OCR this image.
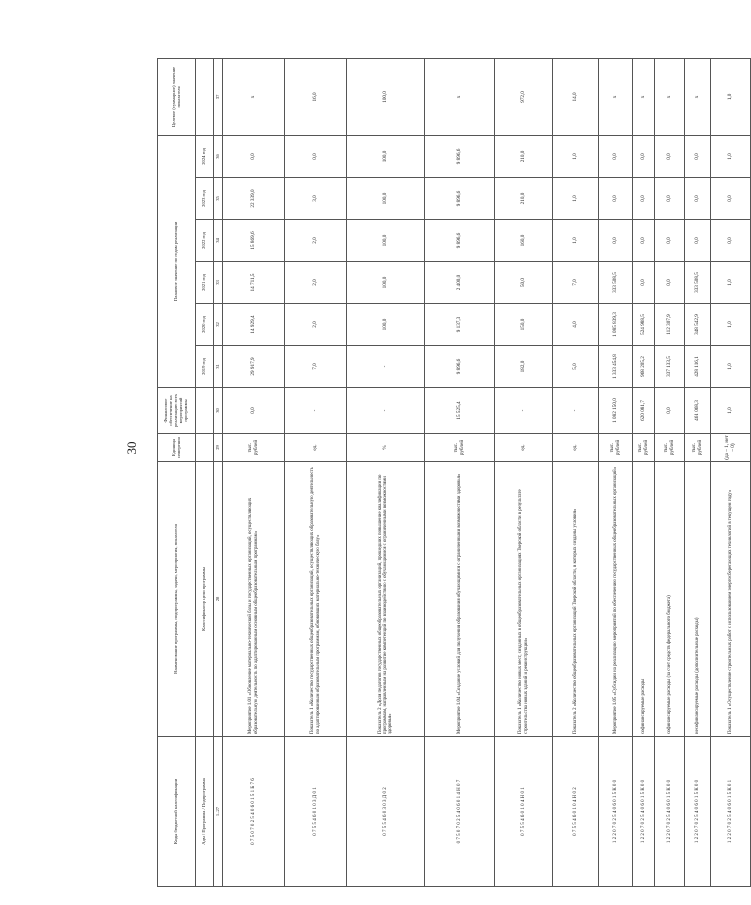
30
Коды бюджетной классификации	Наименование программы, подпрограммы, задачи, мероприятия, показателя	Единица измерения	Финансовое обеспечение на реализацию всех мероприятий программы	Плановое значение по годам реализации						Целевое (суммарное) значение показателя
Адм / Программа / Подпрограмма	Классификатор цели программы			2019 год	2020 год	2021 год	2022 год	2023 год	2024 год	
1–27	28	29	30	31	32	33	34	35	36	37
0 7 5 0 7 0 2 5 4 0 6 0 1 5 1 Б 7 6	Мероприятие 1.01 «Обновление материально-технической базы и государственных организаций, осуществляющих образовательную деятельность по адаптированным основным общеобразовательным программам»	тыс. рублей	0,0	29 917,9	14 929,4	14 711,5	15 869,6	22 339,0	0,0	х
0 7 5 5 4 6 0 1 0 3 Д 0 1	Показатель 1 «Количество государственных общеобразовательных организаций, осуществляющих образовательную деятельность по адаптированным образовательным программам, обновивших материально-техническую базу»	ед.	-	7,0	2,0	2,0	2,0	3,0	0,0	16,0
0 7 5 5 4 6 0 3 0 3 Д 0 2	Показатель 2 «Доля педагогов государственных общеобразовательных организаций, прошедших повышение квалификации по программам, направленным на развитие компетенций по взаимодействию с обучающимися с ограниченными возможностями здоровья»	%	-	-	100,0	100,0	100,0	100,0	100,0	100,0
0 7 5 0 7 0 2 5 4 0 6 0 1 4 Н 0 7	Мероприятие 1.04 «Создание условий для получения образования обучающимися с ограниченными возможностями здоровья»	тыс. рублей	15 525,4	9 896,6	9 137,3	2 400,0	9 896,6	9 896,6	9 896,6	х
0 7 5 5 4 6 0 1 0 4 Н 0 1	Показатель 1 «Количество новых мест, созданных в общеобразовательных организациях Тверской области в результате строительства новых зданий и реконструкции»	ед.	-	182,0	150,0	50,0	160,0	210,0	210,0	972,0
0 7 5 5 4 6 0 1 0 4 Н 0 2	Показатель 2 «Количество общеобразовательных организаций Тверской области, в которых созданы условия»	ед.	-	5,0	4,0	7,0	1,0	1,0	1,0	14,0
1 2 2 0 7 0 2 5 4 0 6 0 1 5 К 0 0	Мероприятие 1.05 «Субсидии на реализацию мероприятий по обеспечению государственных общеобразовательных организаций»	тыс. рублей	1 082 150,0	1 333 454,8	1 085 839,3	333 508,5	0,0	0,0	0,0	х
1 2 2 0 7 0 2 5 4 0 6 0 1 5 К 0 0	софинансируемые расходы	тыс. рублей	620 081,7	968 205,2	524 988,5	0,0	0,0	0,0	0,0	х
1 2 2 0 7 0 2 5 4 0 6 0 1 5 К 0 0	софинансируемые расходы (за счет средств федерального бюджета)	тыс. рублей	0,0	337 133,5	112 307,9	0,0	0,0	0,0	0,0	х
1 2 2 0 7 0 2 5 4 0 6 0 1 5 К 0 0	несофинансируемые расходы (дополнительные расходы)	тыс. рублей	461 068,3	428 116,1	348 542,9	333 508,5	0,0	0,0	0,0	х
1 2 2 0 7 0 2 5 4 0 6 0 1 5 К 0 1	Показатель 1 «Осуществление строительных работ с использованием энергосберегающих технологий в текущем году»	(да – 1, нет – 0)	1,0	1,0	1,0	1,0	0,0	0,0	1,0	1,0
